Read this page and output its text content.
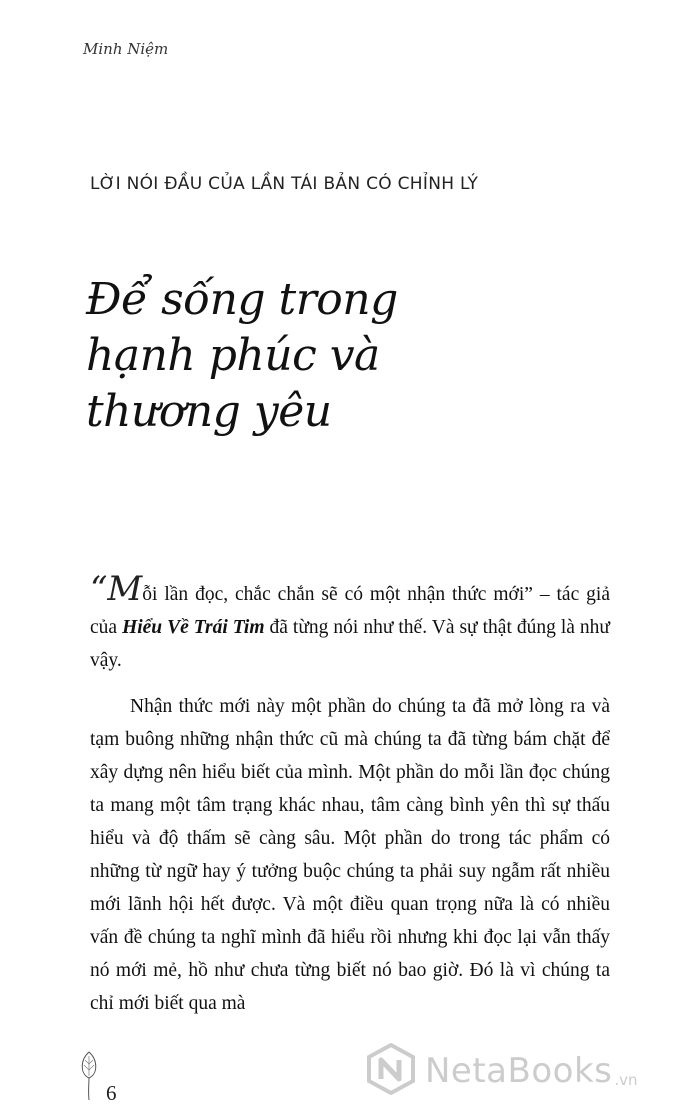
Minh Niệm
LỜI NÓI ĐẦU CỦA LẦN TÁI BẢN CÓ CHỈNH LÝ
Để sống trong
hạnh phúc và
thương yêu
“Mỗi lần đọc, chắc chắn sẽ có một nhận thức mới” – tác giả của Hiểu Về Trái Tim đã từng nói như thế. Và sự thật đúng là như vậy.
Nhận thức mới này một phần do chúng ta đã mở lòng ra và tạm buông những nhận thức cũ mà chúng ta đã từng bám chặt để xây dựng nên hiểu biết của mình. Một phần do mỗi lần đọc chúng ta mang một tâm trạng khác nhau, tâm càng bình yên thì sự thấu hiểu và độ thấm sẽ càng sâu. Một phần do trong tác phẩm có những từ ngữ hay ý tưởng buộc chúng ta phải suy ngẫm rất nhiều mới lãnh hội hết được. Và một điều quan trọng nữa là có nhiều vấn đề chúng ta nghĩ mình đã hiểu rồi nhưng khi đọc lại vẫn thấy nó mới mẻ, hồ như chưa từng biết nó bao giờ. Đó là vì chúng ta chỉ mới biết qua mà
6
NetaBooks .vn
